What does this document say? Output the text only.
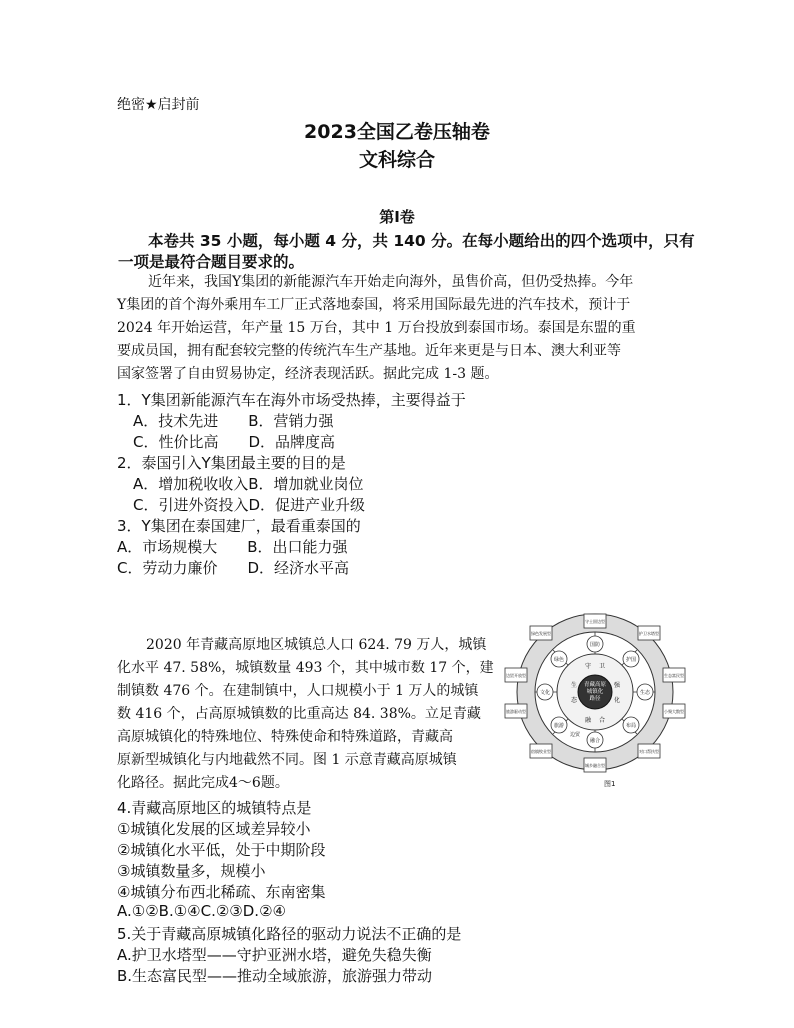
绝密★启封前
2023全国乙卷压轴卷
文科综合
第Ⅰ卷
本卷共 35 小题，每小题 4 分，共 140 分。在每小题给出的四个选项中，只有
一项是最符合题目要求的。
近年来，我国Y集团的新能源汽车开始走向海外，虽售价高，但仍受热捧。今年
Y集团的首个海外乘用车工厂正式落地泰国，将采用国际最先进的汽车技术，预计于
2024 年开始运营，年产量 15 万台，其中 1 万台投放到泰国市场。泰国是东盟的重
要成员国，拥有配套较完整的传统汽车生产基地。近年来更是与日本、澳大利亚等
国家签署了自由贸易协定，经济表现活跃。据此完成 1-3 题。
1．Y集团新能源汽车在海外市场受热捧，主要得益于
A．技术先进　　B．营销力强
C．性价比高　　D．品牌度高
2．泰国引入Y集团最主要的目的是
A．增加税收收入B．增加就业岗位
C．引进外资投入D．促进产业升级
3．Y集团在泰国建厂，最看重泰国的
A．市场规模大　　B．出口能力强
C．劳动力廉价　　D．经济水平高
2020 年青藏高原地区城镇总人口 624. 79 万人，城镇
化水平 47. 58%，城镇数量 493 个，其中城市数 17 个，建
制镇数 476 个。在建制镇中，人口规模小于 1 万人的城镇
数 416 个，占高原城镇数的比重高达 84. 38%。立足青藏
高原城镇化的特殊地位、特殊使命和特殊道路，青藏高
原新型城镇化与内地截然不同。图 1 示意青藏高原城镇
化路径。据此完成4～6题。
青藏高原
城镇化
路径
守 卫
生
态
强
化
融 合
国防
护国
生态
布局
边贸
融合
旅游
文化
绿色
守土固边型
护卫水塔型
生态富民型
小聚大散型
对口帮扶型
城乡融合型
宿镇牧业型
旅游驱动型
边贸开放型
绿色发展型
图1
4.青藏高原地区的城镇特点是
①城镇化发展的区域差异较小
②城镇化水平低，处于中期阶段
③城镇数量多，规模小
④城镇分布西北稀疏、东南密集
A.①②B.①④C.②③D.②④
5.关于青藏高原城镇化路径的驱动力说法不正确的是
A.护卫水塔型——守护亚洲水塔，避免失稳失衡
B.生态富民型——推动全域旅游，旅游强力带动
